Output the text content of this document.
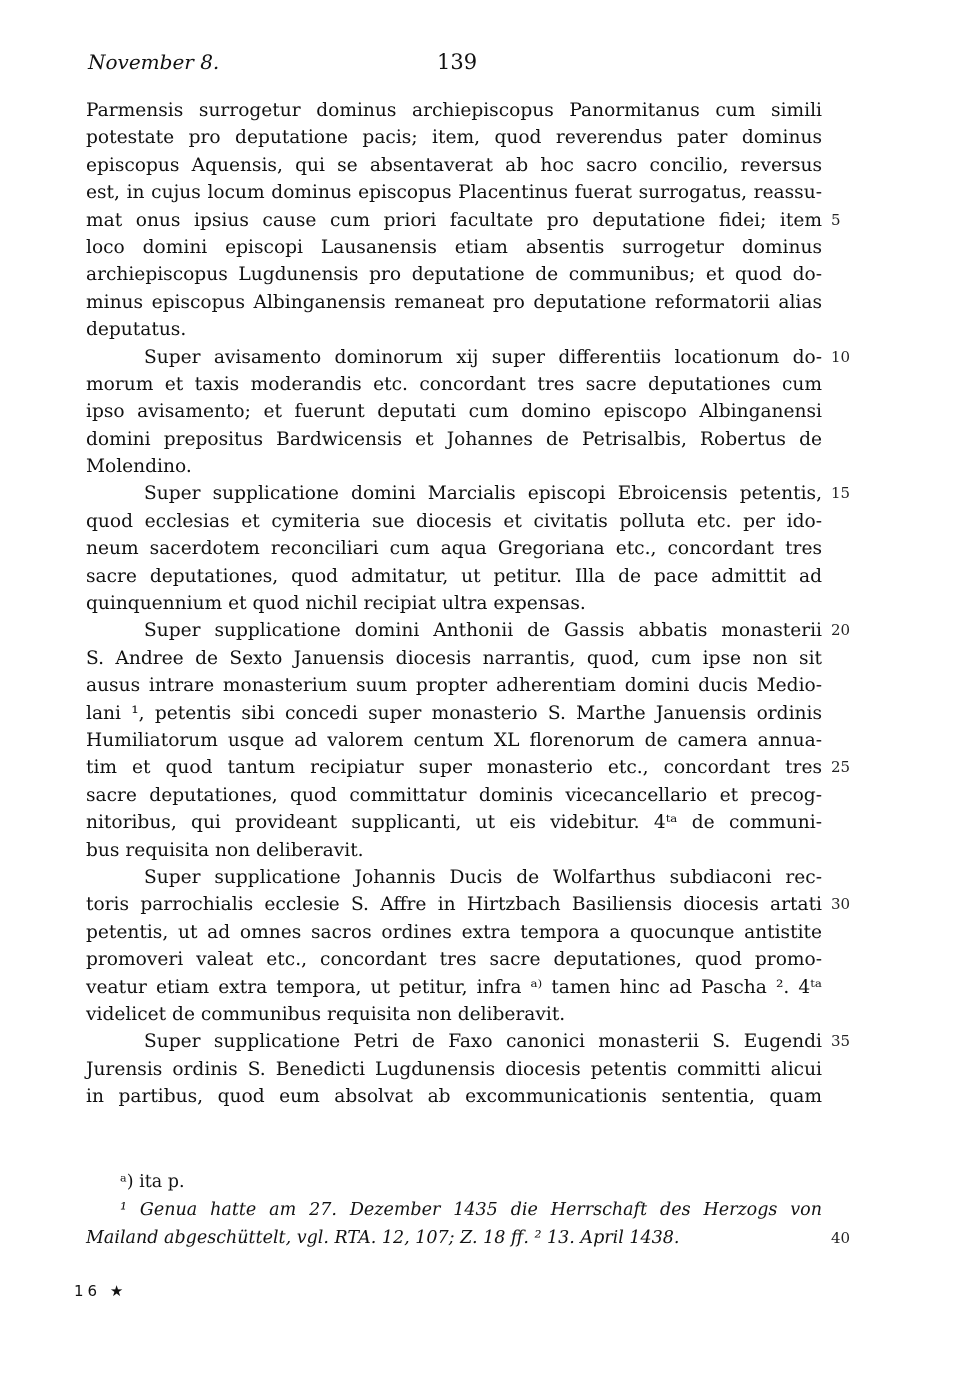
November 8.	139
Parmensis surrogetur dominus archiepiscopus Panormitanus cum simili
potestate pro deputatione pacis; item, quod reverendus pater dominus
episcopus Aquensis, qui se absentaverat ab hoc sacro concilio, reversus
est, in cujus locum dominus episcopus Placentinus fuerat surrogatus, reassu-
mat onus ipsius cause cum priori facultate pro deputatione fidei; item 5
loco domini episcopi Lausanensis etiam absentis surrogetur dominus
archiepiscopus Lugdunensis pro deputatione de communibus; et quod do-
minus episcopus Albinganensis remaneat pro deputatione reformatorii alias
deputatus.
Super avisamento dominorum xij super differentiis locationum do- 10
morum et taxis moderandis etc. concordant tres sacre deputationes cum
ipso avisamento; et fuerunt deputati cum domino episcopo Albinganensi
domini prepositus Bardwicensis et Johannes de Petrisalbis, Robertus de
Molendino.
Super supplicatione domini Marcialis episcopi Ebroicensis petentis, 15
quod ecclesias et cymiteria sue diocesis et civitatis polluta etc. per ido-
neum sacerdotem reconciliari cum aqua Gregoriana etc., concordant tres
sacre deputationes, quod admitatur, ut petitur. Illa de pace admittit ad
quinquennium et quod nichil recipiat ultra expensas.
Super supplicatione domini Anthonii de Gassis abbatis monasterii 20
S. Andree de Sexto Januensis diocesis narrantis, quod, cum ipse non sit
ausus intrare monasterium suum propter adherentiam domini ducis Medio-
lani ¹, petentis sibi concedi super monasterio S. Marthe Januensis ordinis
Humiliatorum usque ad valorem centum XL florenorum de camera annua-
tim et quod tantum recipiatur super monasterio etc., concordant tres 25
sacre deputationes, quod committatur dominis vicecancellario et precog-
nitoribus, qui provideant supplicanti, ut eis videbitur. 4ᵗᵃ de communi-
bus requisita non deliberavit.
Super supplicatione Johannis Ducis de Wolfarthus subdiaconi rec-
toris parrochialis ecclesie S. Affre in Hirtzbach Basiliensis diocesis artati 30
petentis, ut ad omnes sacros ordines extra tempora a quocunque antistite
promoveri valeat etc., concordant tres sacre deputationes, quod promo-
veatur etiam extra tempora, ut petitur, infra ᵃ⁾ tamen hinc ad Pascha ². 4ᵗᵃ
videlicet de communibus requisita non deliberavit.
Super supplicatione Petri de Faxo canonici monasterii S. Eugendi 35
Jurensis ordinis S. Benedicti Lugdunensis diocesis petentis committi alicui
in partibus, quod eum absolvat ab excommunicationis sententia, quam
ᵃ) ita p.
¹ Genua hatte am 27. Dezember 1435 die Herrschaft des Herzogs von
Mailand abgeschüttelt, vgl. RTA. 12, 107; Z. 18 ff. ² 13. April 1438.	40
16 ★
